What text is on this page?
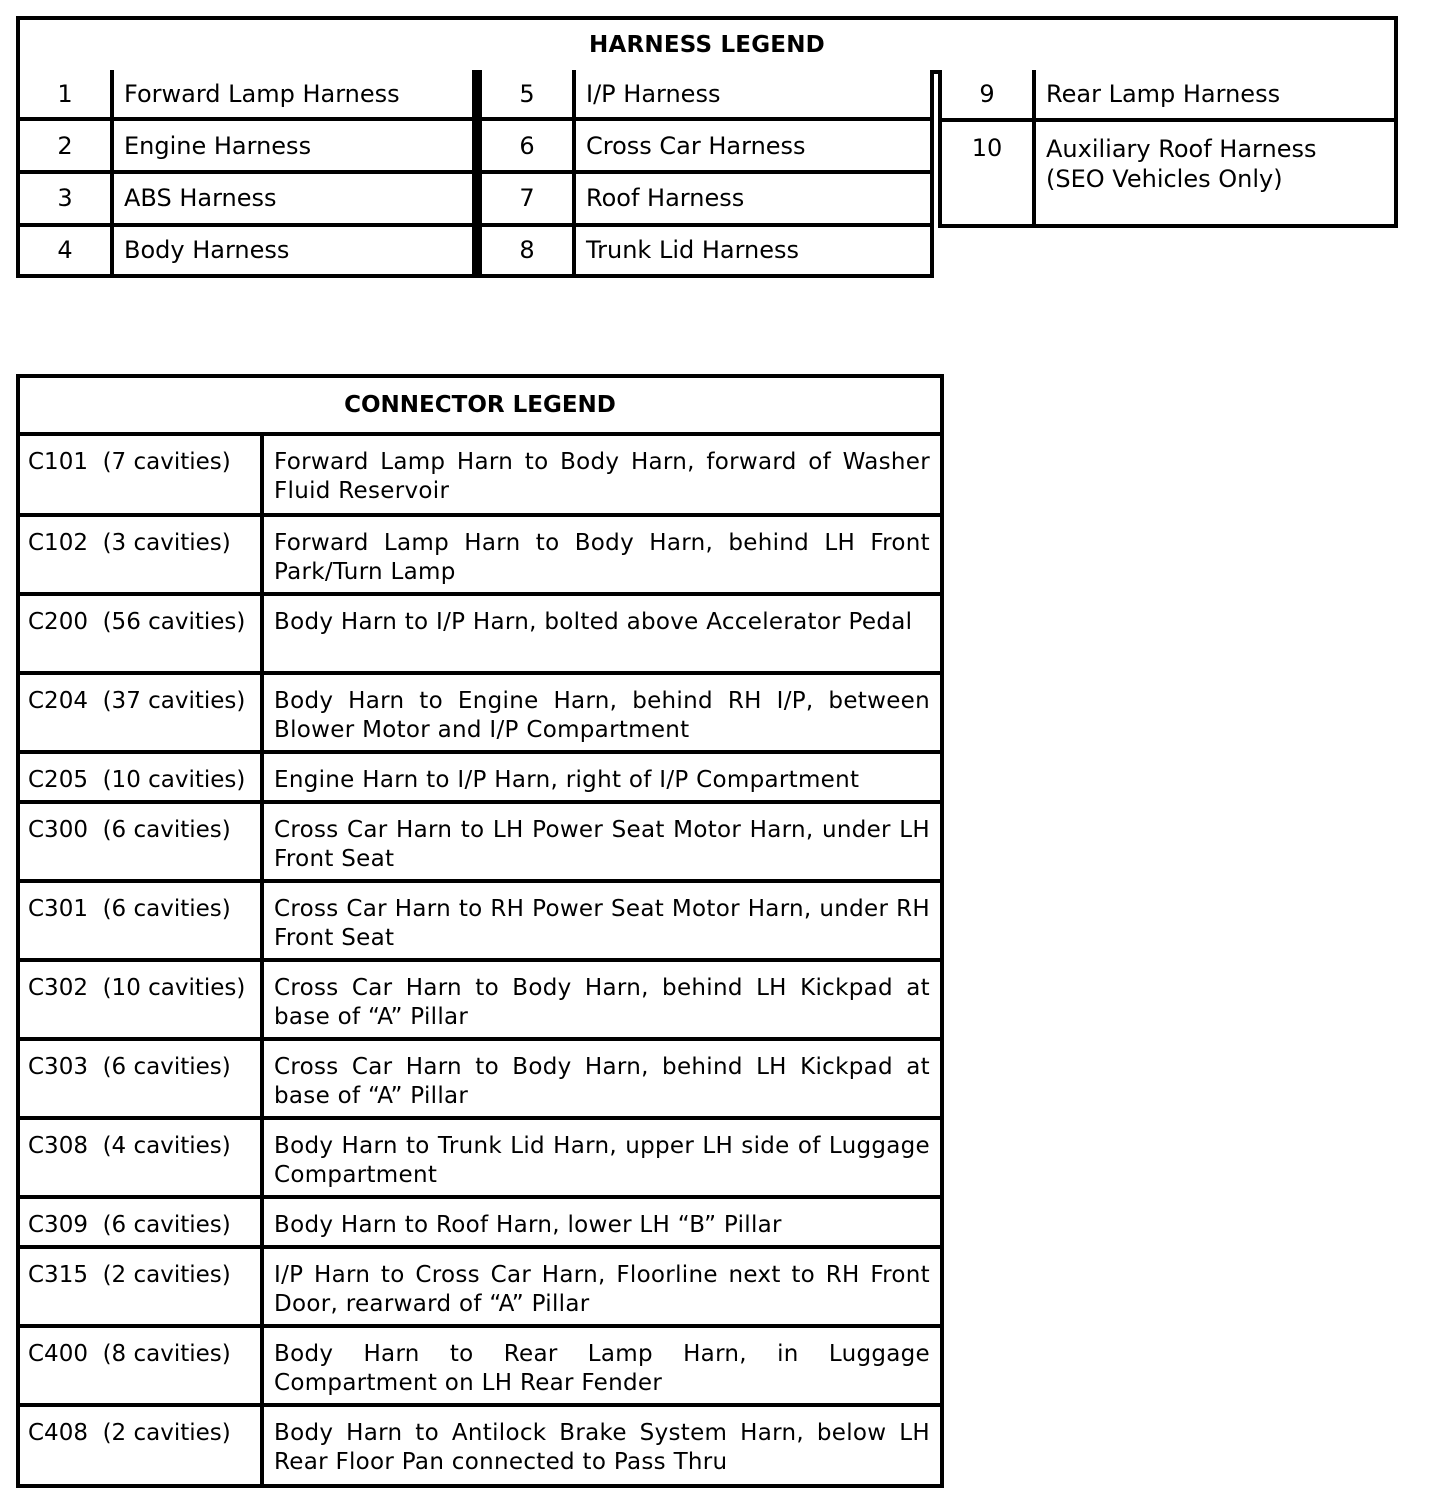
HARNESS LEGEND
1	Forward Lamp Harness
2	Engine Harness
3	ABS Harness
4	Body Harness
5	I/P Harness
6	Cross Car Harness
7	Roof Harness
8	Trunk Lid Harness
9	Rear Lamp Harness
10	Auxiliary Roof Harness
(SEO Vehicles Only)
CONNECTOR LEGEND
C101  (7 cavities)	Forward Lamp Harn to Body Harn, forward of Washer Fluid Reservoir
C102  (3 cavities)	Forward Lamp Harn to Body Harn, behind LH Front Park/Turn Lamp
C200  (56 cavities)	Body Harn to I/P Harn, bolted above Accelerator Pedal
C204  (37 cavities)	Body Harn to Engine Harn, behind RH I/P, between Blower Motor and I/P Compartment
C205  (10 cavities)	Engine Harn to I/P Harn, right of I/P Compartment
C300  (6 cavities)	Cross Car Harn to LH Power Seat Motor Harn, under LH Front Seat
C301  (6 cavities)	Cross Car Harn to RH Power Seat Motor Harn, under RH Front Seat
C302  (10 cavities)	Cross Car Harn to Body Harn, behind LH Kickpad at base of “A” Pillar
C303  (6 cavities)	Cross Car Harn to Body Harn, behind LH Kickpad at base of “A” Pillar
C308  (4 cavities)	Body Harn to Trunk Lid Harn, upper LH side of Luggage Compartment
C309  (6 cavities)	Body Harn to Roof Harn, lower LH “B” Pillar
C315  (2 cavities)	I/P Harn to Cross Car Harn, Floorline next to RH Front Door, rearward of “A” Pillar
C400  (8 cavities)	Body Harn to Rear Lamp Harn, in Luggage Compartment on LH Rear Fender
C408  (2 cavities)	Body Harn to Antilock Brake System Harn, below LH Rear Floor Pan connected to Pass Thru
